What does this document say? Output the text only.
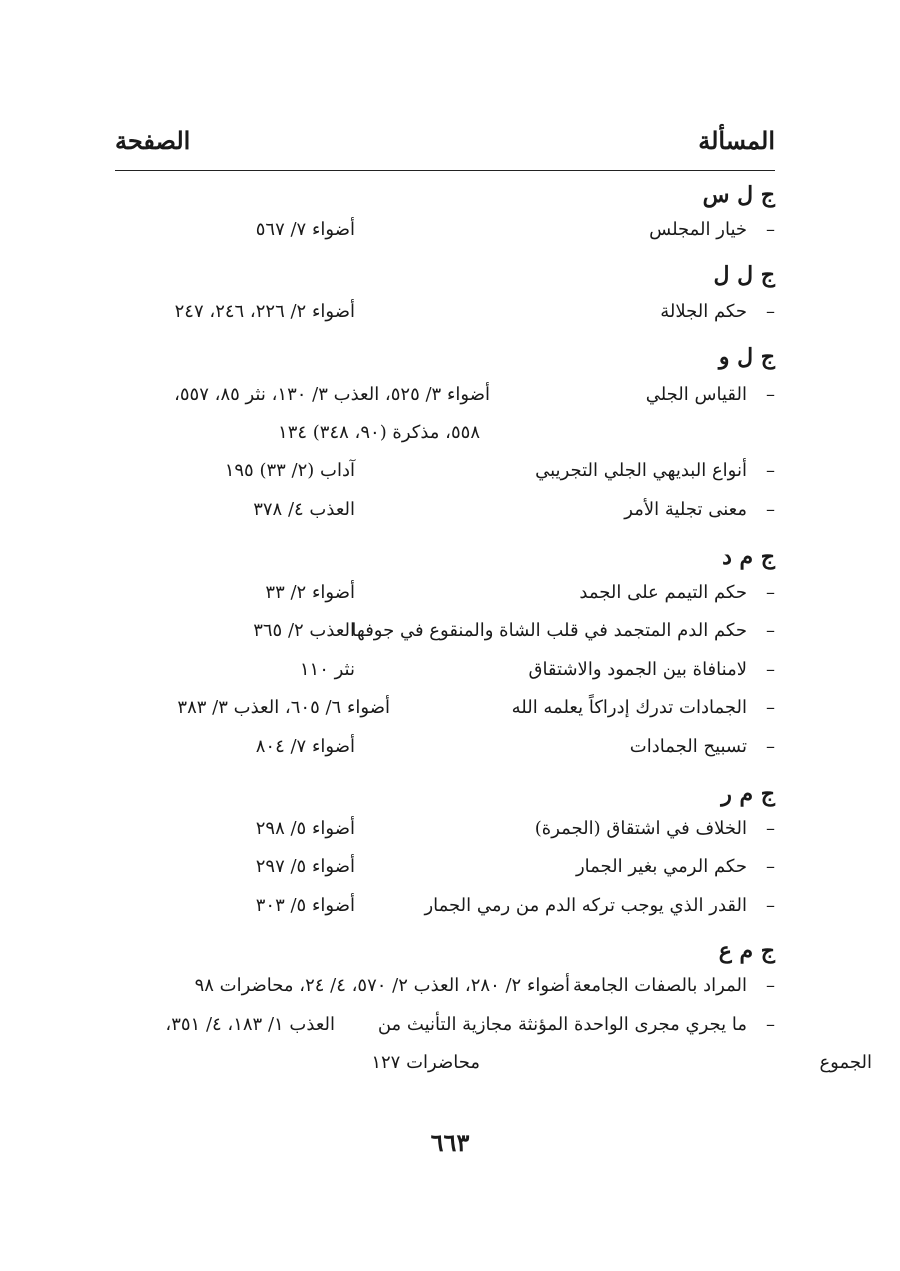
المسألة
الصفحة
ج ل س
–
خيار المجلس
أضواء ٧/ ٥٦٧
ج ل ل
–
حكم الجلالة
أضواء ٢/ ٢٢٦، ٢٤٦، ٢٤٧
ج ل و
–
القياس الجلي
أضواء ٣/ ٥٢٥، العذب ٣/ ١٣٠، نثر ٨٥، ٥٥٧،
٥٥٨، مذكرة (٩٠، ٣٤٨) ١٣٤
–
أنواع البديهي الجلي التجريبي
آداب (٢/ ٣٣) ١٩٥
–
معنى تجلية الأمر
العذب ٤/ ٣٧٨
ج م د
–
حكم التيمم على الجمد
أضواء ٢/ ٣٣
–
حكم الدم المتجمد في قلب الشاة والمنقوع في جوفها
العذب ٢/ ٣٦٥
–
لامنافاة بين الجمود والاشتقاق
نثر ١١٠
–
الجمادات تدرك إدراكاً يعلمه الله
أضواء ٦/ ٦٠٥، العذب ٣/ ٣٨٣
–
تسبيح الجمادات
أضواء ٧/ ٨٠٤
ج م ر
–
الخلاف في اشتقاق (الجمرة)
أضواء ٥/ ٢٩٨
–
حكم الرمي بغير الجمار
أضواء ٥/ ٢٩٧
–
القدر الذي يوجب تركه الدم من رمي الجمار
أضواء ٥/ ٣٠٣
ج م ع
–
المراد بالصفات الجامعة
أضواء ٢/ ٢٨٠، العذب ٢/ ٥٧٠، ٤/ ٢٤، محاضرات ٩٨
–
ما يجري مجرى الواحدة المؤنثة مجازية التأنيث من
العذب ١/ ١٨٣، ٤/ ٣٥١،
الجموع
محاضرات ١٢٧
٦٦٣
